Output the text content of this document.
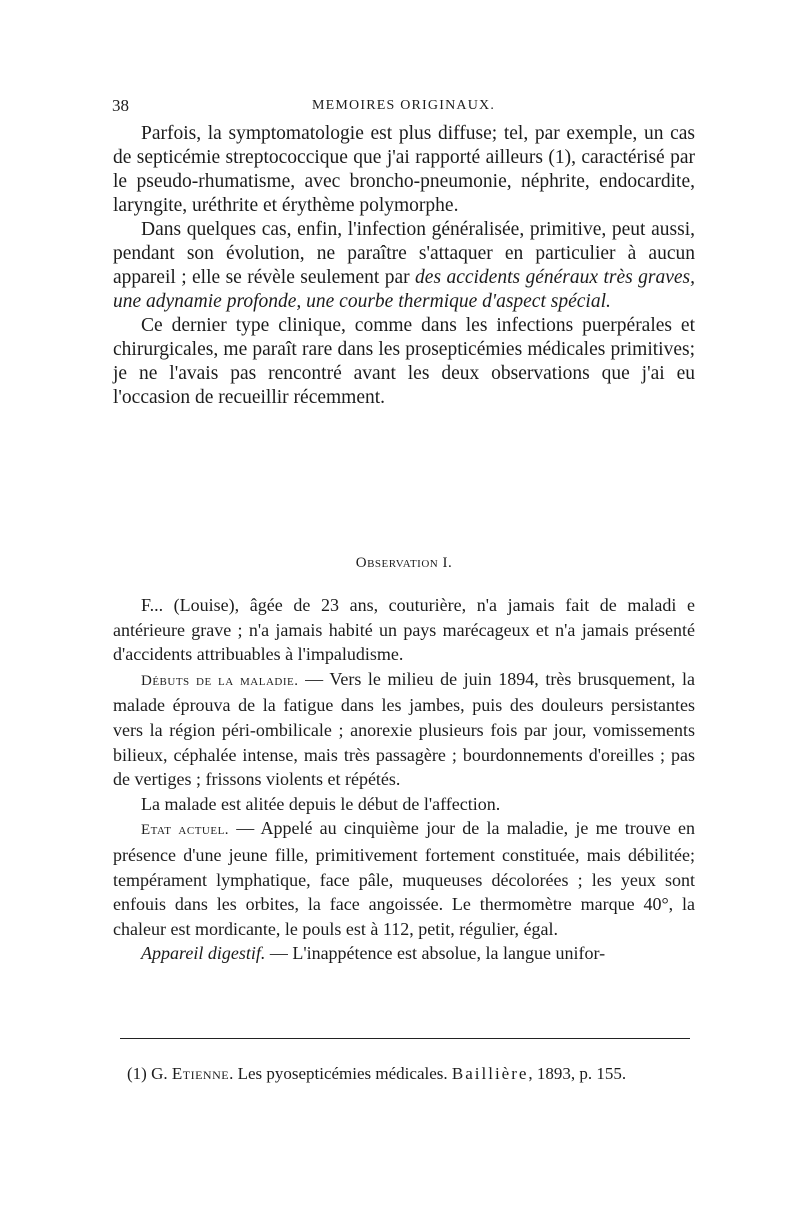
38	MEMOIRES ORIGINAUX.

Parfois, la symptomatologie est plus diffuse; tel, par exemple, un cas de septicémie streptococcique que j'ai rapporté ailleurs (1), caractérisé par le pseudo-rhumatisme, avec broncho-pneumonie, néphrite, endocardite, laryngite, uréthrite et érythème polymorphe.

Dans quelques cas, enfin, l'infection généralisée, primitive, peut aussi, pendant son évolution, ne paraître s'attaquer en particulier à aucun appareil ; elle se révèle seulement par des accidents généraux très graves, une adynamie profonde, une courbe thermique d'aspect spécial.

Ce dernier type clinique, comme dans les infections puerpérales et chirurgicales, me paraît rare dans les prosepticémies médicales primitives; je ne l'avais pas rencontré avant les deux observations que j'ai eu l'occasion de recueillir récemment.

Observation I.

F... (Louise), âgée de 23 ans, couturière, n'a jamais fait de maladi e antérieure grave ; n'a jamais habité un pays marécageux et n'a jamais présenté d'accidents attribuables à l'impaludisme.

Débuts de la maladie. — Vers le milieu de juin 1894, très brusquement, la malade éprouva de la fatigue dans les jambes, puis des douleurs persistantes vers la région péri-ombilicale ; anorexie plusieurs fois par jour, vomissements bilieux, céphalée intense, mais très passagère ; bourdonnements d'oreilles ; pas de vertiges ; frissons violents et répétés.

La malade est alitée depuis le début de l'affection.

Etat actuel. — Appelé au cinquième jour de la maladie, je me trouve en présence d'une jeune fille, primitivement fortement constituée, mais débilitée; tempérament lymphatique, face pâle, muqueuses décolorées ; les yeux sont enfouis dans les orbites, la face angoissée. Le thermomètre marque 40°, la chaleur est mordicante, le pouls est à 112, petit, régulier, égal.

Appareil digestif. — L'inappétence est absolue, la langue unifor-

(1) G. Etienne. Les pyosepticémies médicales. Baillière, 1893, p. 155.
